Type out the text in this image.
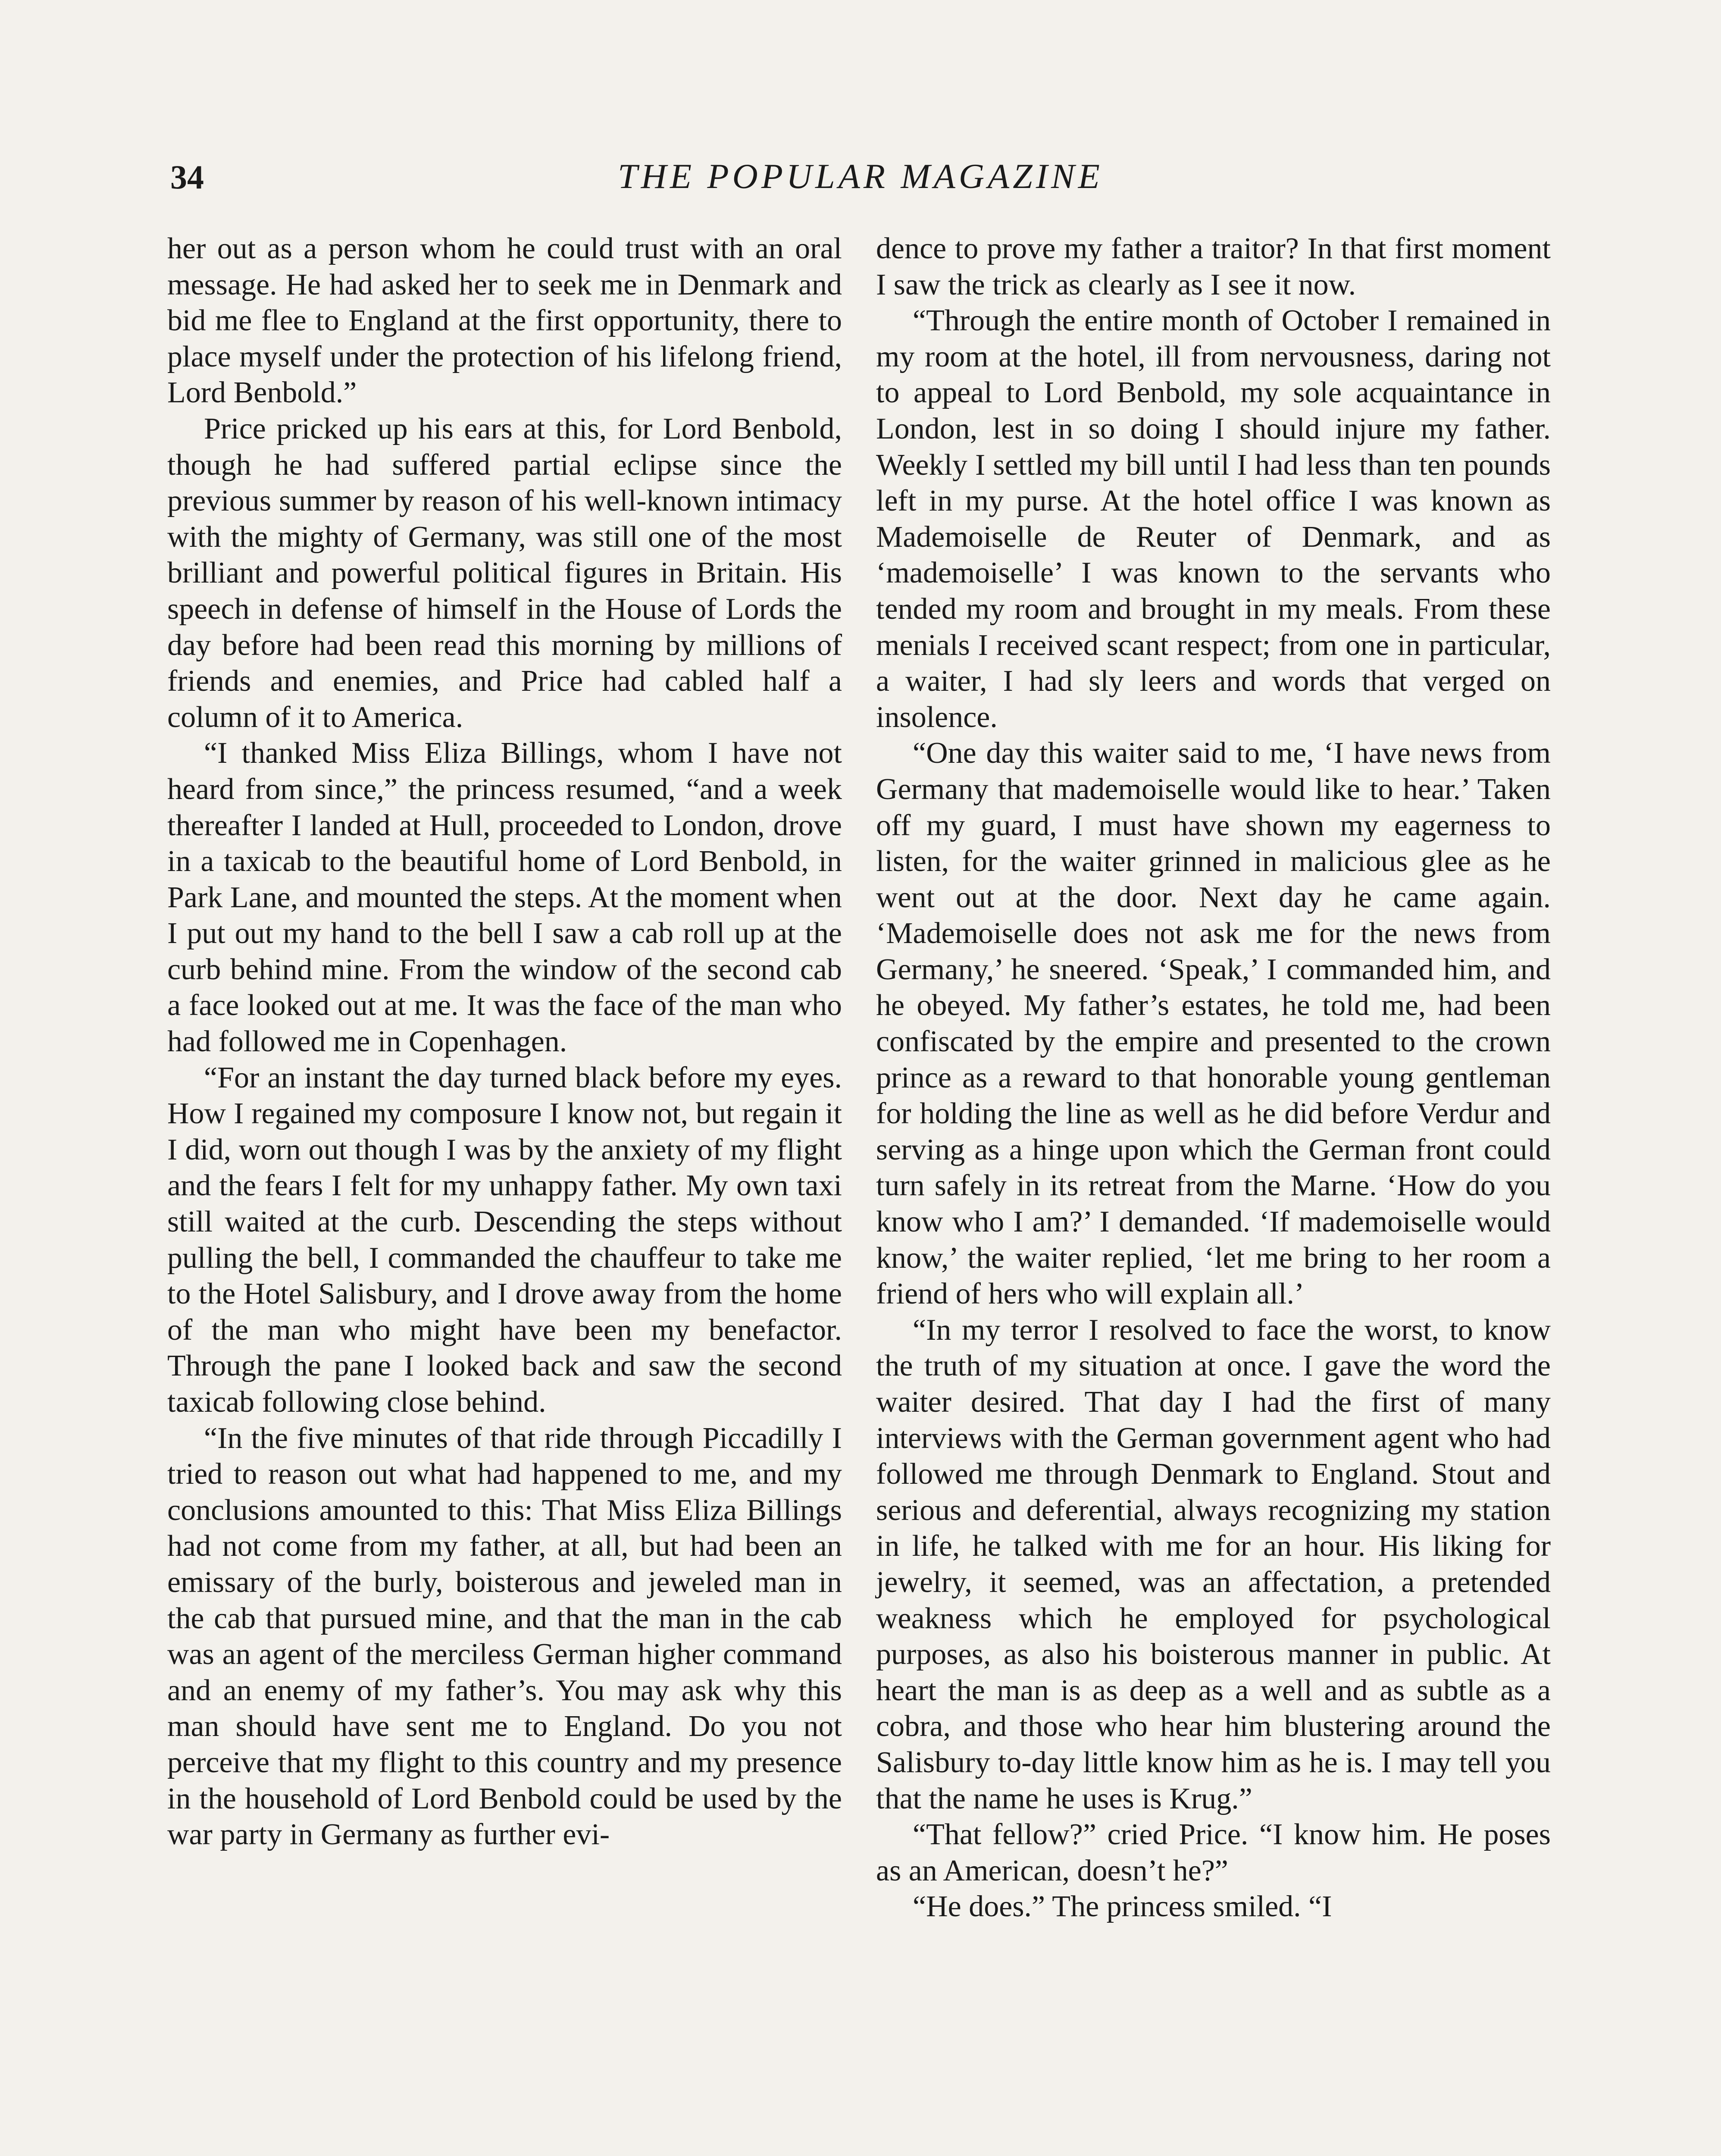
34	THE POPULAR MAGAZINE

her out as a person whom he could trust with an oral message. He had asked her to seek me in Denmark and bid me flee to England at the first opportunity, there to place myself under the protection of his lifelong friend, Lord Benbold.”

Price pricked up his ears at this, for Lord Benbold, though he had suffered partial eclipse since the previous summer by reason of his well-known intimacy with the mighty of Germany, was still one of the most brilliant and powerful political figures in Britain. His speech in defense of himself in the House of Lords the day before had been read this morning by millions of friends and enemies, and Price had cabled half a column of it to America.

“I thanked Miss Eliza Billings, whom I have not heard from since,” the princess resumed, “and a week thereafter I landed at Hull, proceeded to London, drove in a taxicab to the beautiful home of Lord Benbold, in Park Lane, and mounted the steps. At the moment when I put out my hand to the bell I saw a cab roll up at the curb behind mine. From the window of the second cab a face looked out at me. It was the face of the man who had followed me in Copenhagen.

“For an instant the day turned black before my eyes. How I regained my composure I know not, but regain it I did, worn out though I was by the anxiety of my flight and the fears I felt for my unhappy father. My own taxi still waited at the curb. Descending the steps without pulling the bell, I commanded the chauffeur to take me to the Hotel Salisbury, and I drove away from the home of the man who might have been my benefactor. Through the pane I looked back and saw the second taxicab following close behind.

“In the five minutes of that ride through Piccadilly I tried to reason out what had happened to me, and my conclusions amounted to this: That Miss Eliza Billings had not come from my father, at all, but had been an emissary of the burly, boisterous and jeweled man in the cab that pursued mine, and that the man in the cab was an agent of the merciless German higher command and an enemy of my father’s. You may ask why this man should have sent me to England. Do you not perceive that my flight to this country and my presence in the household of Lord Benbold could be used by the war party in Germany as further evi-

dence to prove my father a traitor? In that first moment I saw the trick as clearly as I see it now.

“Through the entire month of October I remained in my room at the hotel, ill from nervousness, daring not to appeal to Lord Benbold, my sole acquaintance in London, lest in so doing I should injure my father. Weekly I settled my bill until I had less than ten pounds left in my purse. At the hotel office I was known as Mademoiselle de Reuter of Denmark, and as ‘mademoiselle’ I was known to the servants who tended my room and brought in my meals. From these menials I received scant respect; from one in particular, a waiter, I had sly leers and words that verged on insolence.

“One day this waiter said to me, ‘I have news from Germany that mademoiselle would like to hear.’ Taken off my guard, I must have shown my eagerness to listen, for the waiter grinned in malicious glee as he went out at the door. Next day he came again. ‘Mademoiselle does not ask me for the news from Germany,’ he sneered. ‘Speak,’ I commanded him, and he obeyed. My father’s estates, he told me, had been confiscated by the empire and presented to the crown prince as a reward to that honorable young gentleman for holding the line as well as he did before Verdur and serving as a hinge upon which the German front could turn safely in its retreat from the Marne. ‘How do you know who I am?’ I demanded. ‘If mademoiselle would know,’ the waiter replied, ‘let me bring to her room a friend of hers who will explain all.’

“In my terror I resolved to face the worst, to know the truth of my situation at once. I gave the word the waiter desired. That day I had the first of many interviews with the German government agent who had followed me through Denmark to England. Stout and serious and deferential, always recognizing my station in life, he talked with me for an hour. His liking for jewelry, it seemed, was an affectation, a pretended weakness which he employed for psychological purposes, as also his boisterous manner in public. At heart the man is as deep as a well and as subtle as a cobra, and those who hear him blustering around the Salisbury to-day little know him as he is. I may tell you that the name he uses is Krug.”

“That fellow?” cried Price. “I know him. He poses as an American, doesn’t he?”

“He does.” The princess smiled. “I
